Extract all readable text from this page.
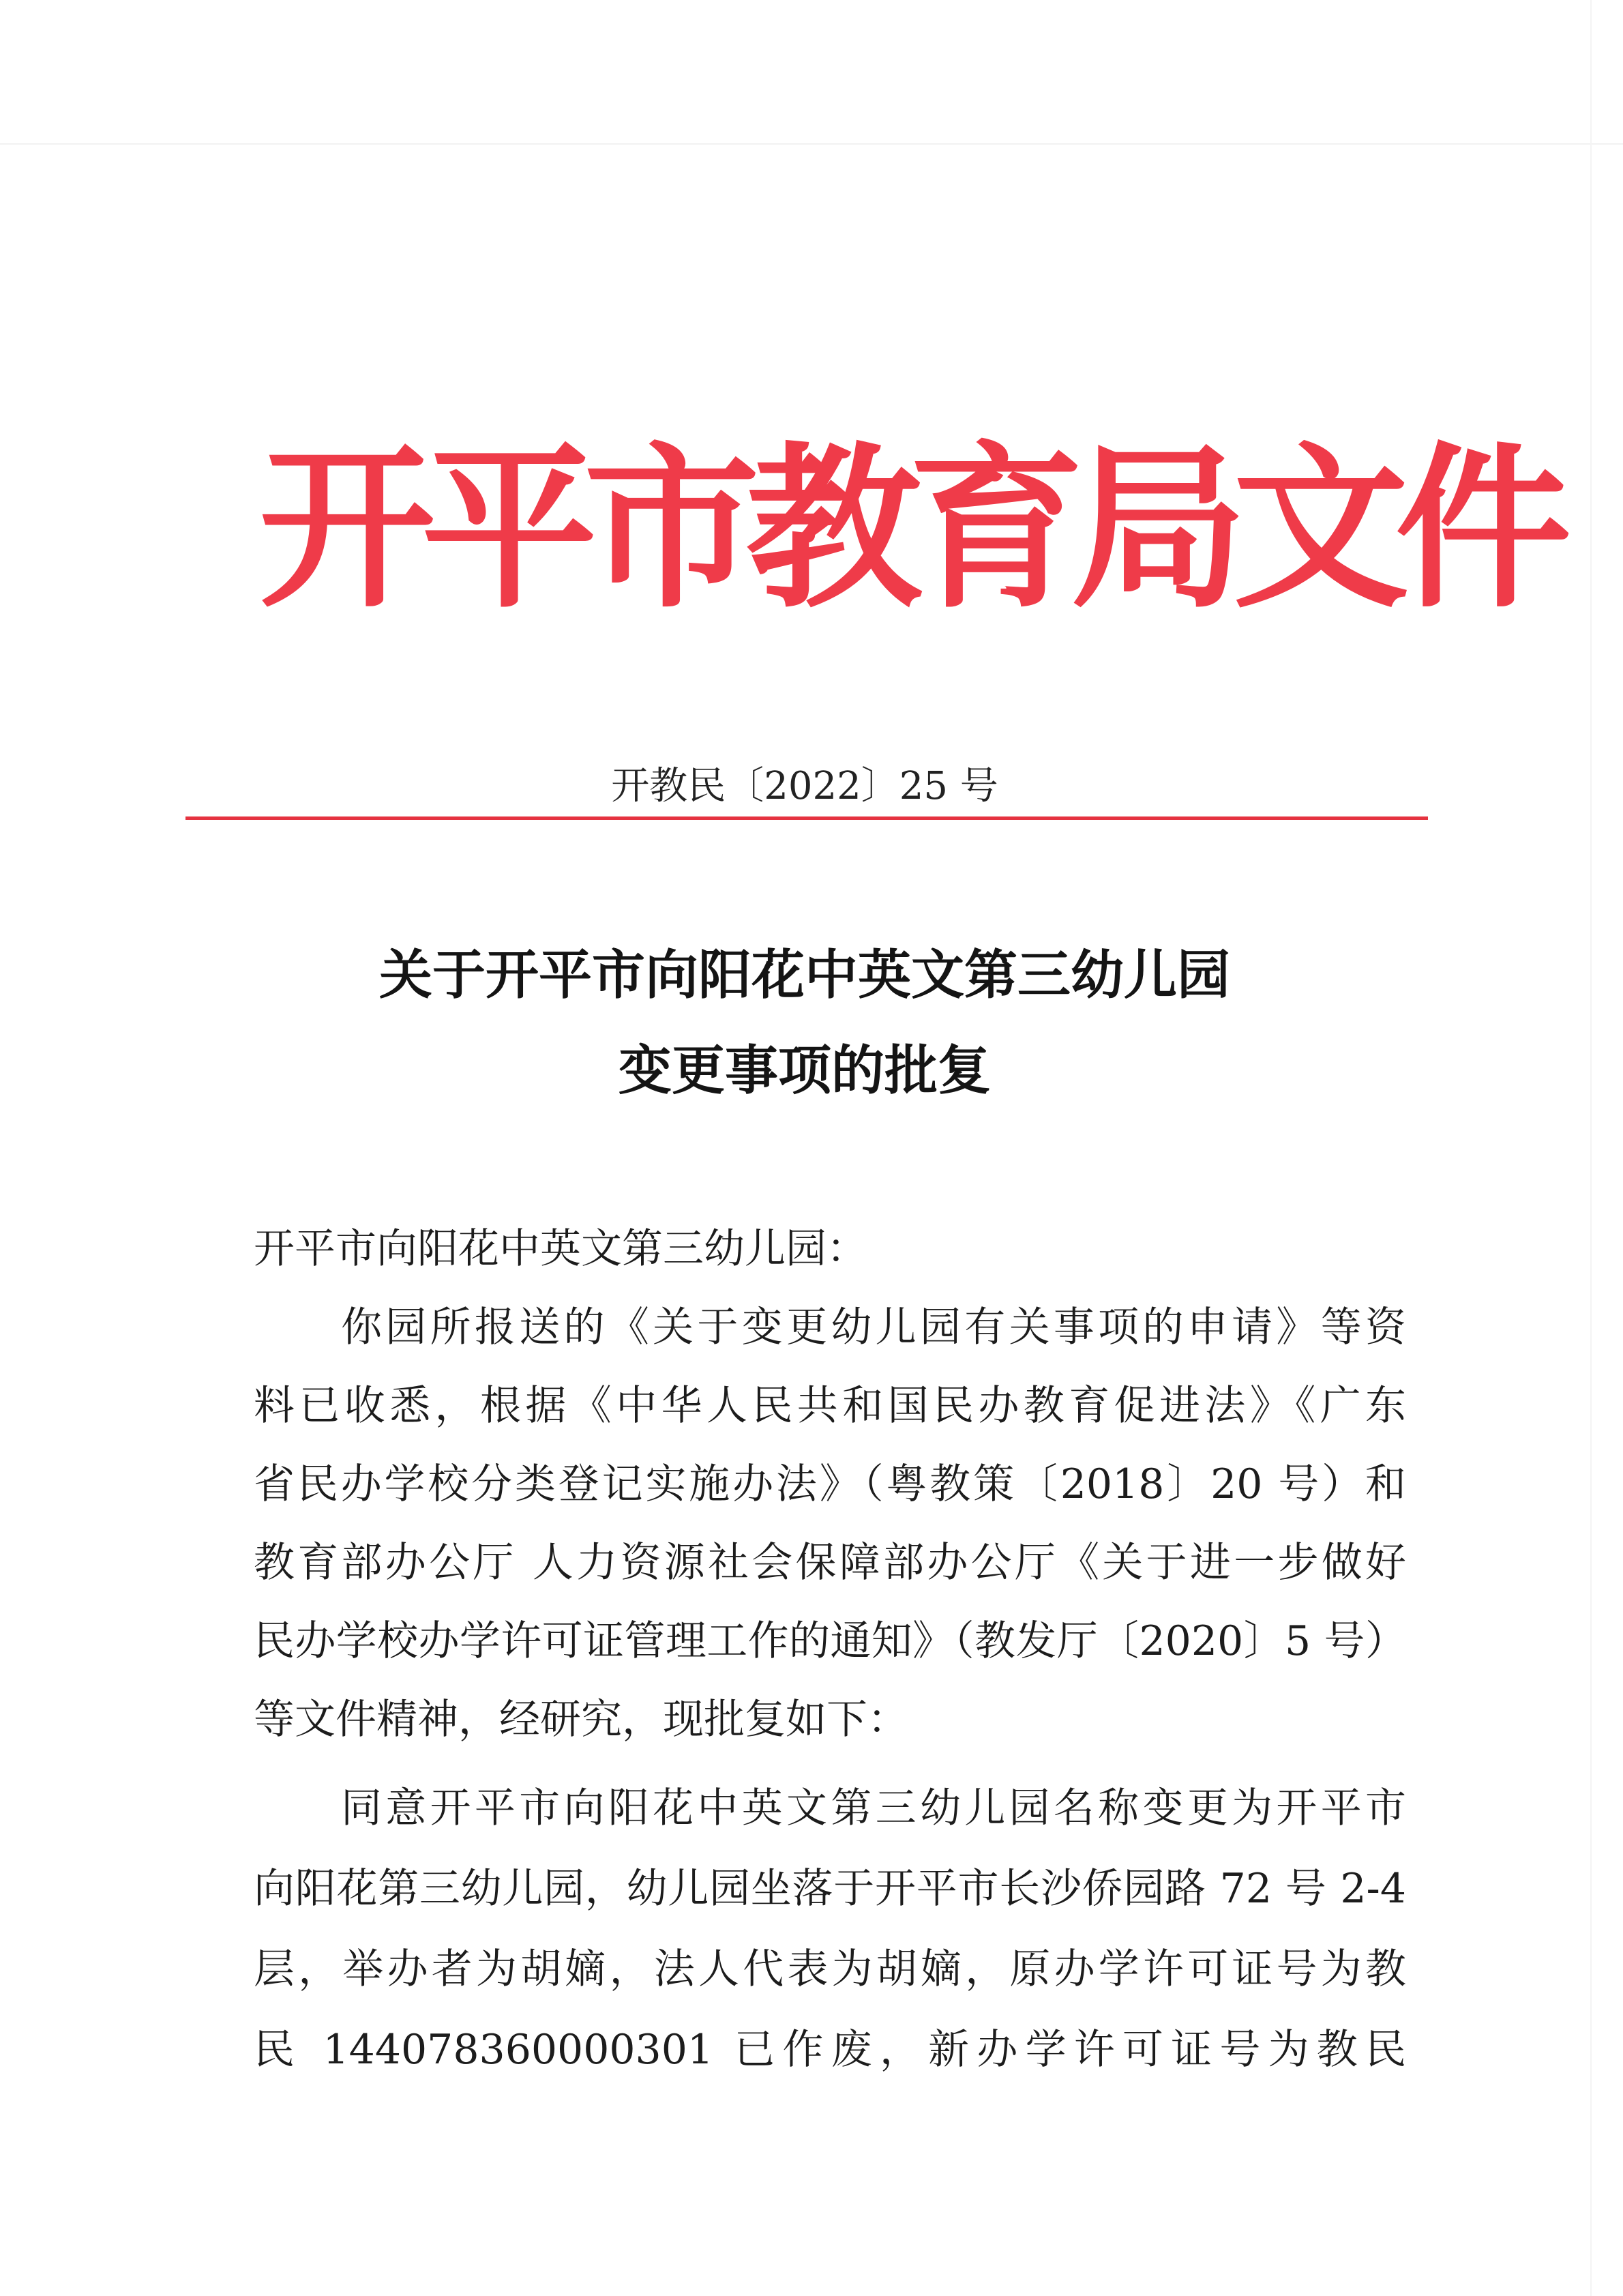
开平市教育局文件
开教民〔2022〕25 号
关于开平市向阳花中英文第三幼儿园
变更事项的批复
开平市向阳花中英文第三幼儿园：
你园所报送的《关于变更幼儿园有关事项的申请》等资
料已收悉，根据《中华人民共和国民办教育促进法》《广东
省民办学校分类登记实施办法》（粤教策〔2018〕20 号）和
教育部办公厅 人力资源社会保障部办公厅《关于进一步做好
民办学校办学许可证管理工作的通知》（教发厅〔2020〕5 号）
等文件精神，经研究，现批复如下：
同意开平市向阳花中英文第三幼儿园名称变更为开平市
向阳花第三幼儿园，幼儿园坐落于开平市长沙侨园路 72 号 2-4
层，举办者为胡嫡，法人代表为胡嫡，原办学许可证号为教
民 144078360000301 已作废，新办学许可证号为教民
